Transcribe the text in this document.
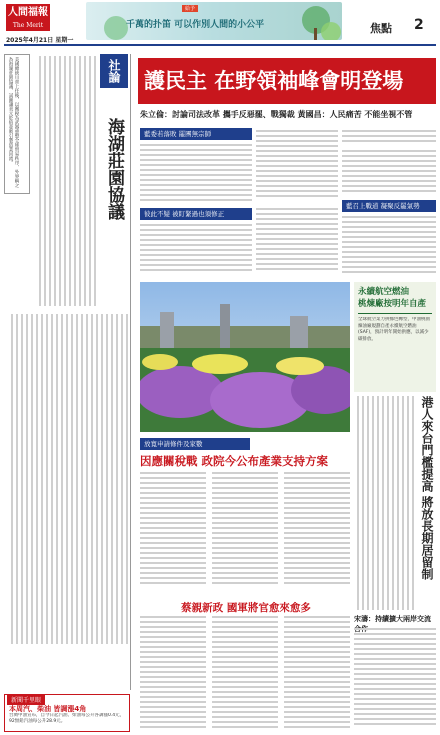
人間福報
The Merit Times
2025年4月21日 星期一
給予
千萬的扑笛 可以作別人間的小公平	焦點 2
美國總統川普上任後，以關稅為武器重整全球貿易秩序，外界稱之為海湖莊園協議，試圖讓美元貶值並吸引製造業回流。	社論
海湖莊園協議
新聞千里眼
本周汽、柴油 皆調漲4角
台灣中油宣布，自今日起汽油、柴油每公升各調漲0.4元，92無鉛汽油每公升28.9元。
護民主 在野領袖峰會明登場
朱立倫：討論司法改革 攜手反惡罷、戰獨裁 黃國昌：人民痛苦 不能坐視不管
藍委若落敗 罷團無宗師
彼此不疑 被盯緊過也須修正
藍召上戰道 凝聚反罷氣勢
永續航空燃油
桃煉廠按明年自產
全球航空業力拼綠色轉型，中油桃園煉油廠規劃自產永續航空燃油(SAF)，預計明年開始供應，以減少碳排放。
港人來台門檻提高 將放長期居留制
放寬申請條件及家數
因應關稅戰 政院今公布產業支持方案
蔡親新政 國軍將官愈來愈多
宋濤：持續擴大兩岸交流
